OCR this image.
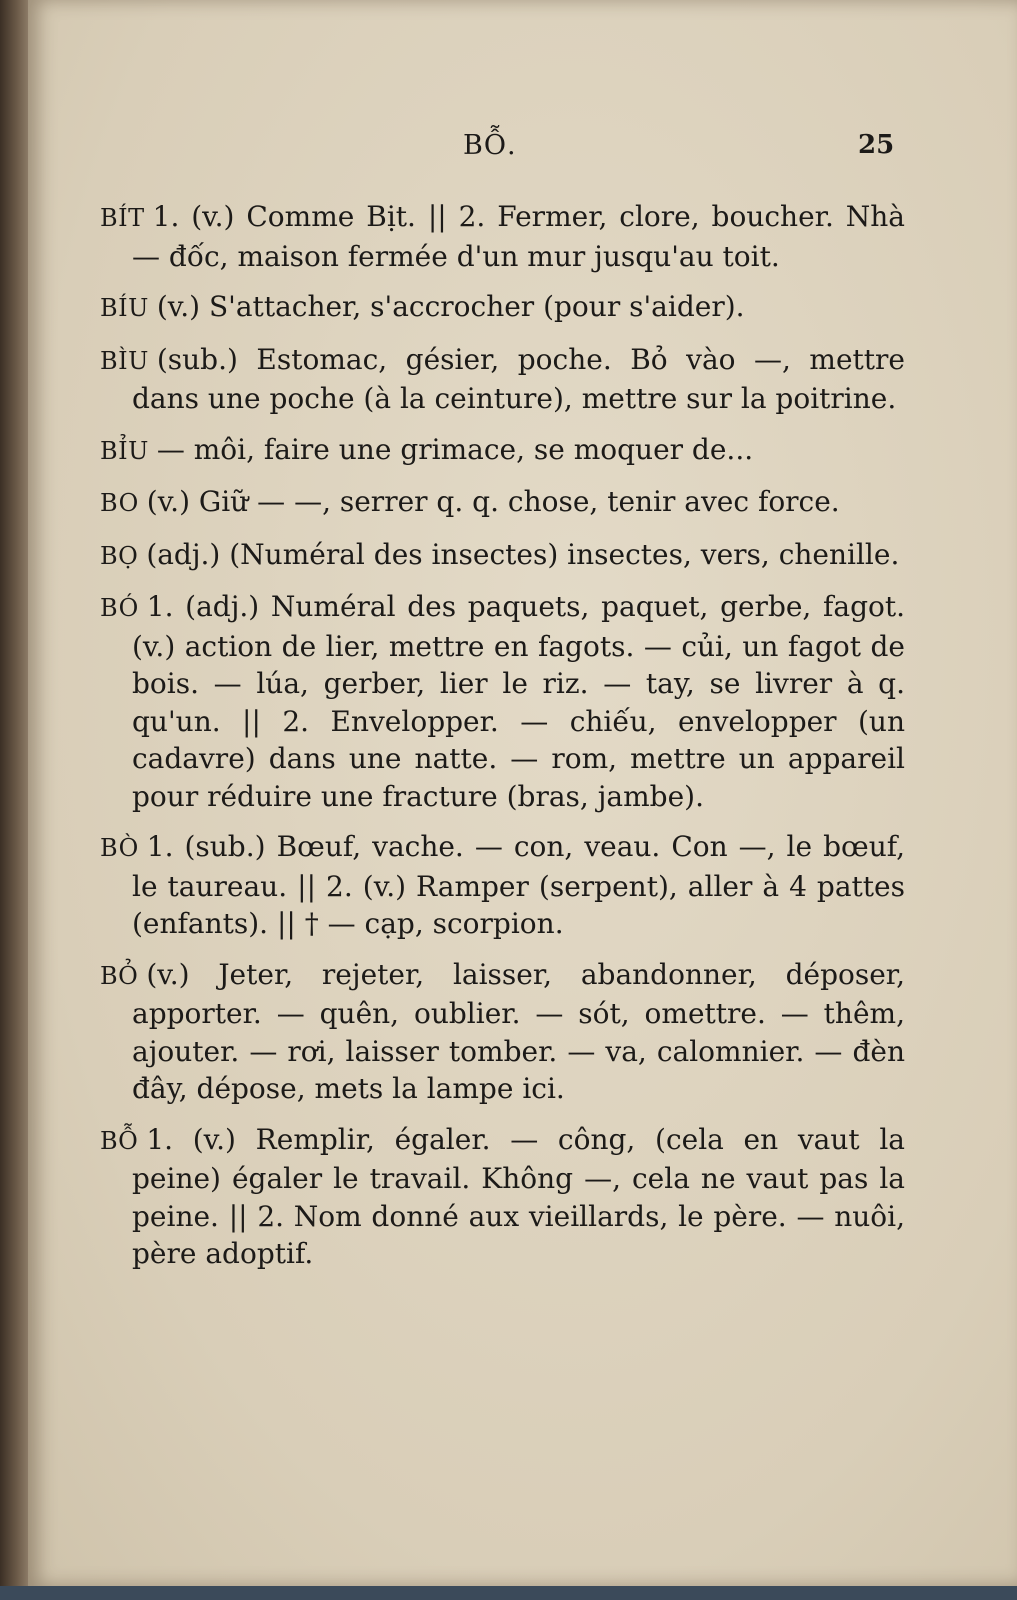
BỖ.	25

BÍT 1. (v.) Comme Bịt. || 2. Fermer, clore, boucher. Nhà — đốc, maison fermée d'un mur jusqu'au toit.

BÍU (v.) S'attacher, s'accrocher (pour s'aider).

BÌU (sub.) Estomac, gésier, poche. Bỏ vào —, mettre dans une poche (à la ceinture), mettre sur la poitrine.

BỈU — môi, faire une grimace, se moquer de...

BO (v.) Giữ — —, serrer q. q. chose, tenir avec force.

BỌ (adj.) (Numéral des insectes) insectes, vers, chenille.

BÓ 1. (adj.) Numéral des paquets, paquet, gerbe, fagot. (v.) action de lier, mettre en fagots. — củi, un fagot de bois. — lúa, gerber, lier le riz. — tay, se livrer à q. qu'un. || 2. Envelopper. — chiếu, envelopper (un cadavre) dans une natte. — rom, mettre un appareil pour réduire une fracture (bras, jambe).

BÒ 1. (sub.) Bœuf, vache. — con, veau. Con —, le bœuf, le taureau. || 2. (v.) Ramper (serpent), aller à 4 pattes (enfants). || † — cạp, scorpion.

BỎ (v.) Jeter, rejeter, laisser, abandonner, déposer, apporter. — quên, oublier. — sót, omettre. — thêm, ajouter. — rơi, laisser tomber. — va, calomnier. — đèn đây, dépose, mets la lampe ici.

BỖ 1. (v.) Remplir, égaler. — công, (cela en vaut la peine) égaler le travail. Không —, cela ne vaut pas la peine. || 2. Nom donné aux vieillards, le père. — nuôi, père adoptif.
